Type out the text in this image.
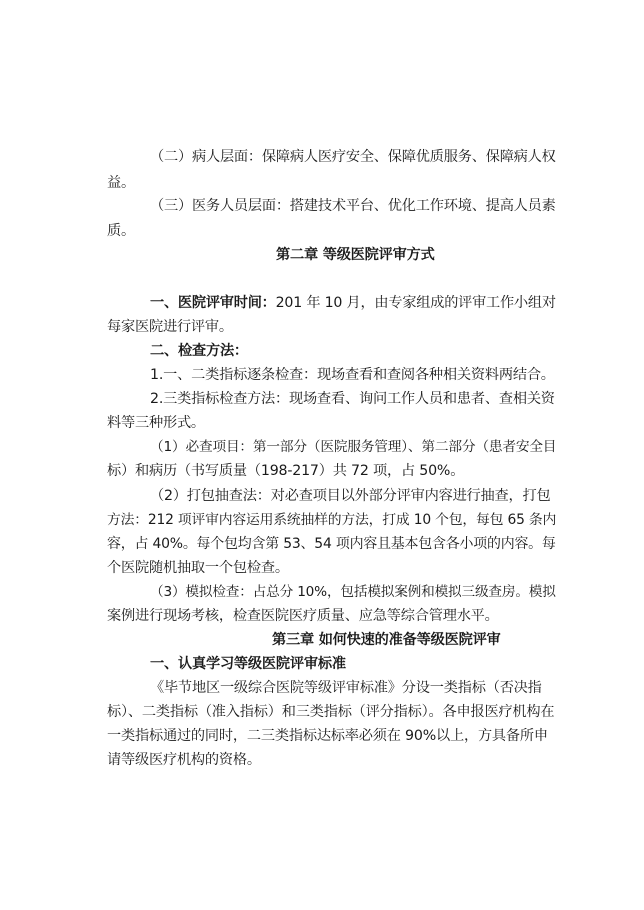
（二）病人层面：保障病人医疗安全、保障优质服务、保障病人权

益。

（三）医务人员层面：搭建技术平台、优化工作环境、提高人员素

质。

第二章 等级医院评审方式

一、医院评审时间：201 年 10 月，由专家组成的评审工作小组对

每家医院进行评审。

二、检查方法：

1.一、二类指标逐条检查：现场查看和查阅各种相关资料两结合。

2.三类指标检查方法：现场查看、询问工作人员和患者、查相关资

料等三种形式。

（1）必查项目：第一部分（医院服务管理）、第二部分（患者安全目

标）和病历（书写质量（198-217）共 72 项，占 50%。

（2）打包抽查法：对必查项目以外部分评审内容进行抽查，打包

方法：212 项评审内容运用系统抽样的方法，打成 10 个包，每包 65 条内

容，占 40%。每个包均含第 53、54 项内容且基本包含各小项的内容。每

个医院随机抽取一个包检查。

（3）模拟检查：占总分 10%，包括模拟案例和模拟三级查房。模拟

案例进行现场考核，检查医院医疗质量、应急等综合管理水平。

第三章 如何快速的准备等级医院评审

一、认真学习等级医院评审标准

《毕节地区一级综合医院等级评审标准》分设一类指标（否决指

标）、二类指标（准入指标）和三类指标（评分指标）。各申报医疗机构在

一类指标通过的同时，二三类指标达标率必须在 90%以上，方具备所申

请等级医疗机构的资格。
